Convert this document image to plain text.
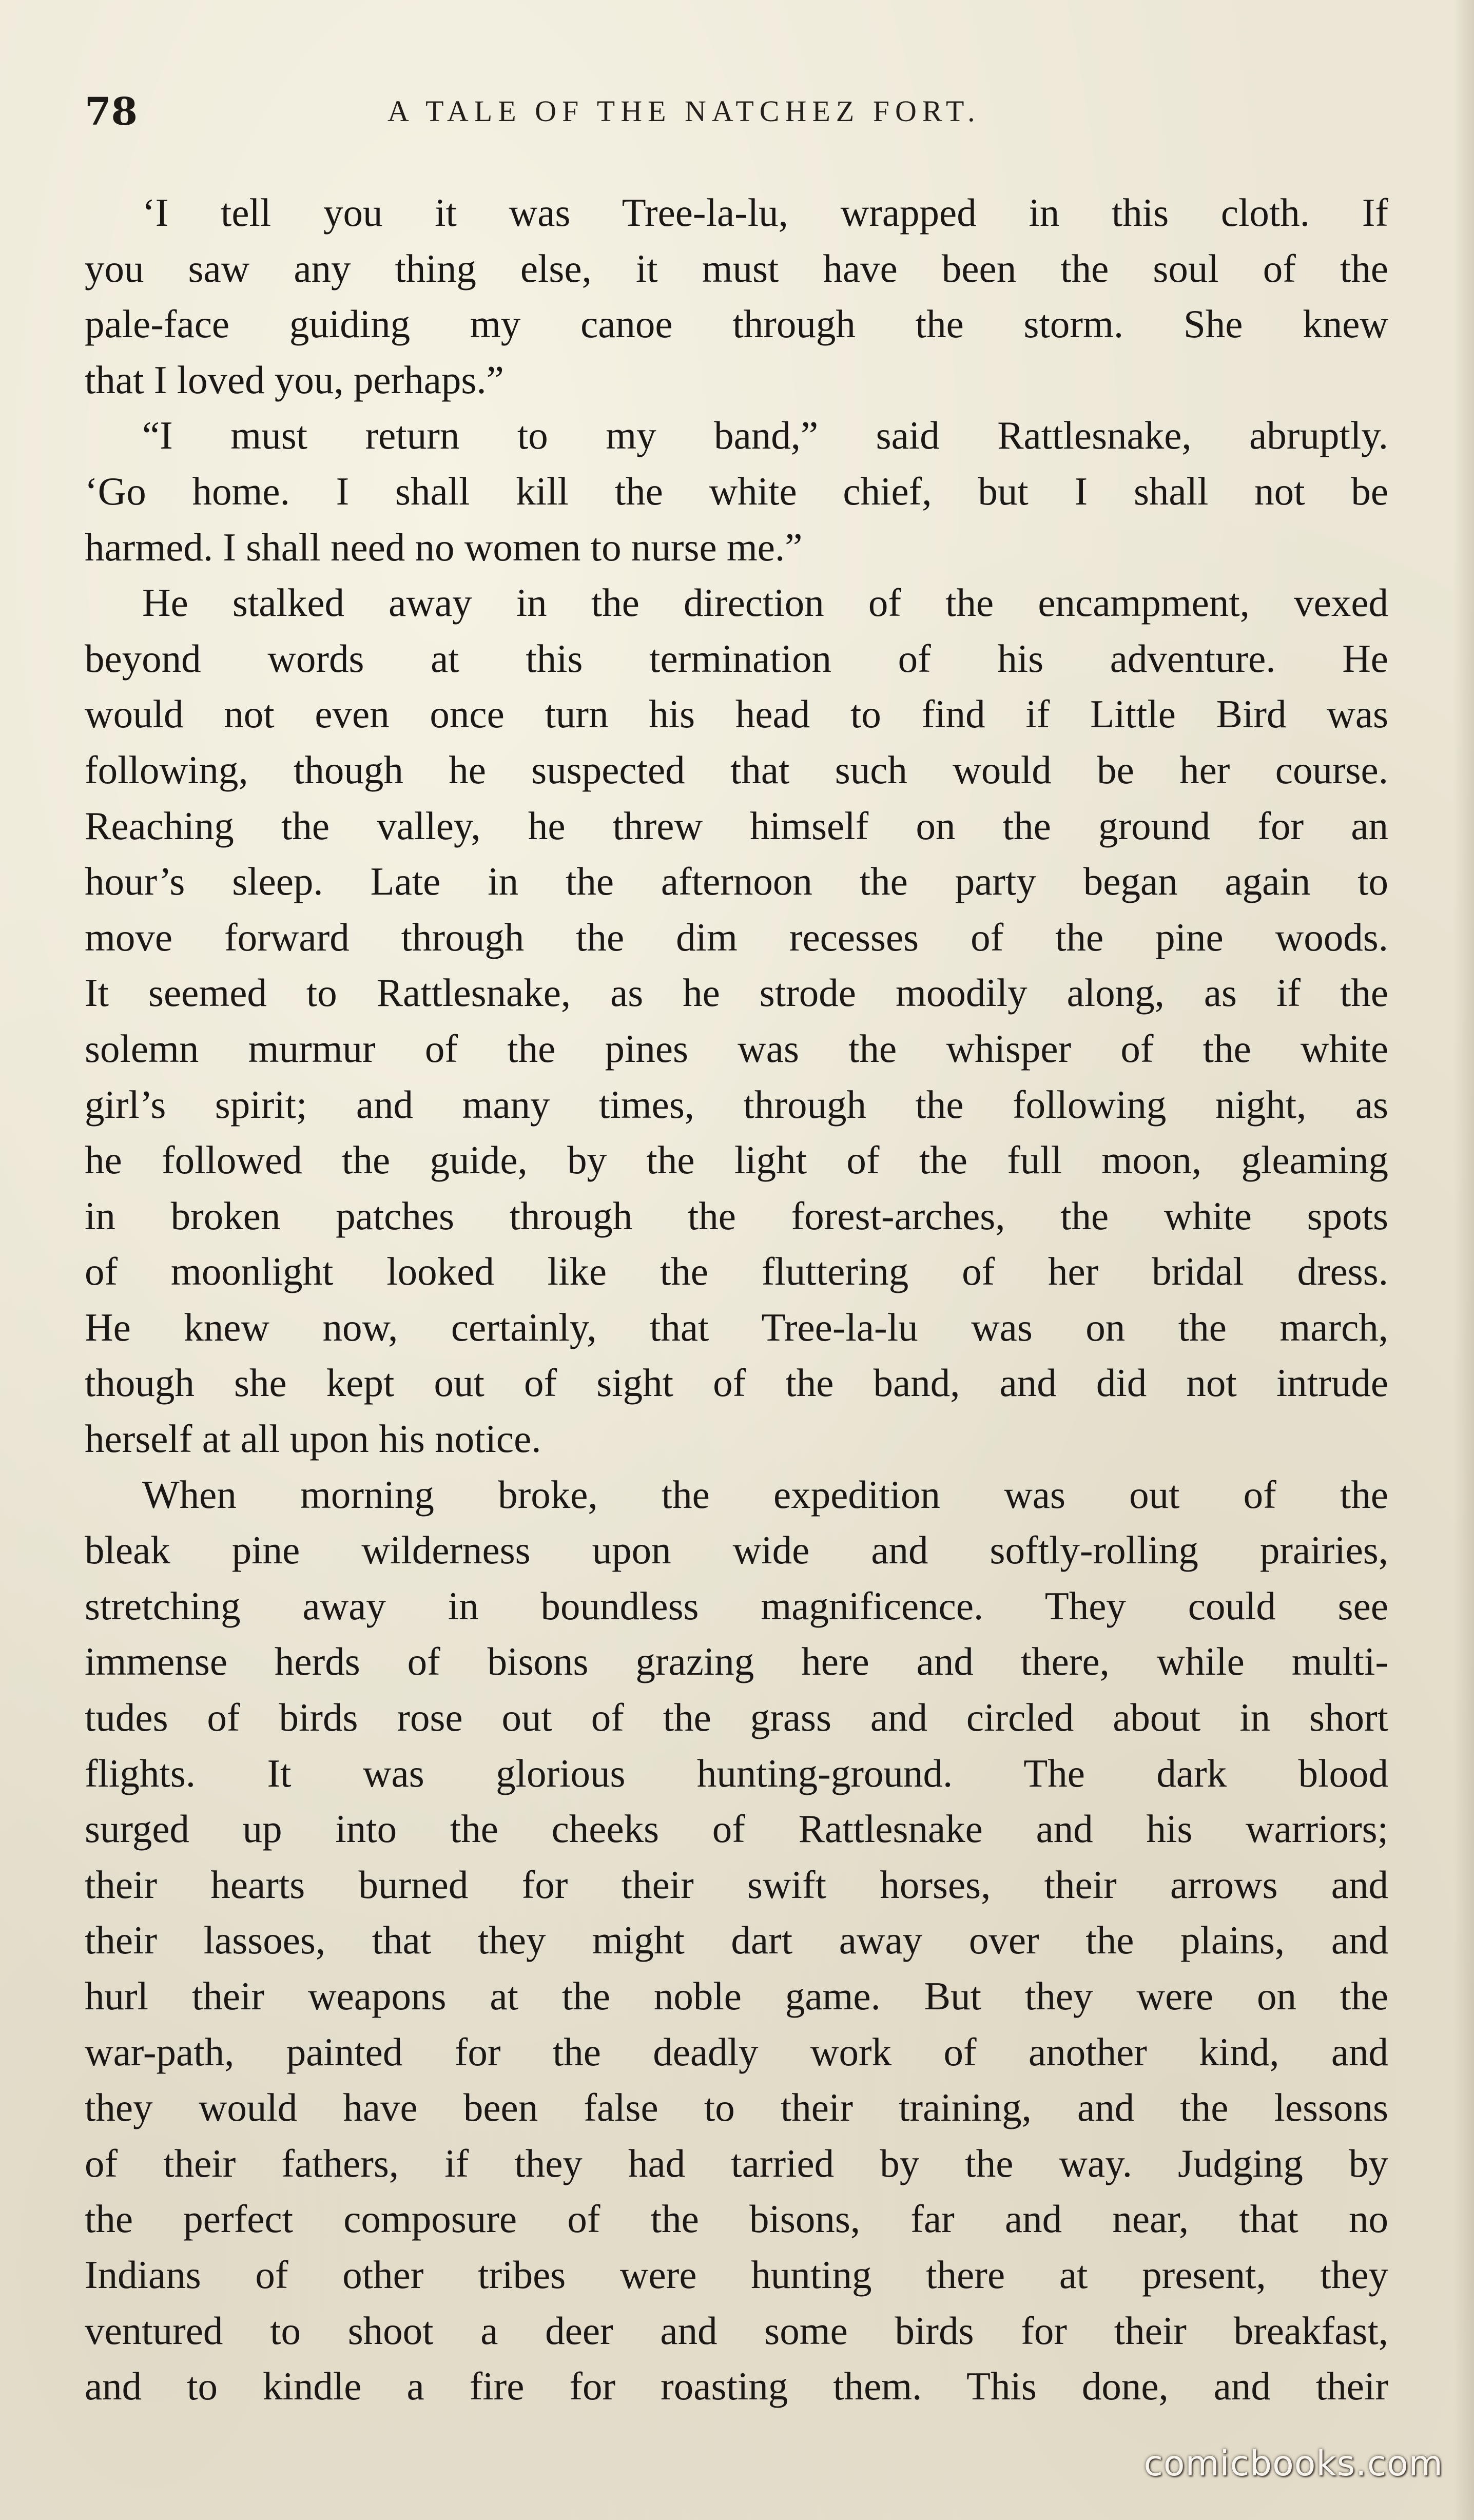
78	A TALE OF THE NATCHEZ FORT.
‘I tell you it was Tree-la-lu, wrapped in this cloth. If
you saw any thing else, it must have been the soul of the
pale-face guiding my canoe through the storm. She knew
that I loved you, perhaps.”
“I must return to my band,” said Rattlesnake, abruptly.
‘Go home. I shall kill the white chief, but I shall not be
harmed. I shall need no women to nurse me.”
He stalked away in the direction of the encampment, vexed
beyond words at this termination of his adventure. He
would not even once turn his head to find if Little Bird was
following, though he suspected that such would be her course.
Reaching the valley, he threw himself on the ground for an
hour’s sleep. Late in the afternoon the party began again to
move forward through the dim recesses of the pine woods.
It seemed to Rattlesnake, as he strode moodily along, as if the
solemn murmur of the pines was the whisper of the white
girl’s spirit; and many times, through the following night, as
he followed the guide, by the light of the full moon, gleaming
in broken patches through the forest-arches, the white spots
of moonlight looked like the fluttering of her bridal dress.
He knew now, certainly, that Tree-la-lu was on the march,
though she kept out of sight of the band, and did not intrude
herself at all upon his notice.
When morning broke, the expedition was out of the
bleak pine wilderness upon wide and softly-rolling prairies,
stretching away in boundless magnificence. They could see
immense herds of bisons grazing here and there, while multi-
tudes of birds rose out of the grass and circled about in short
flights. It was glorious hunting-ground. The dark blood
surged up into the cheeks of Rattlesnake and his warriors;
their hearts burned for their swift horses, their arrows and
their lassoes, that they might dart away over the plains, and
hurl their weapons at the noble game. But they were on the
war-path, painted for the deadly work of another kind, and
they would have been false to their training, and the lessons
of their fathers, if they had tarried by the way. Judging by
the perfect composure of the bisons, far and near, that no
Indians of other tribes were hunting there at present, they
ventured to shoot a deer and some birds for their breakfast,
and to kindle a fire for roasting them. This done, and their
comicbooks.com
